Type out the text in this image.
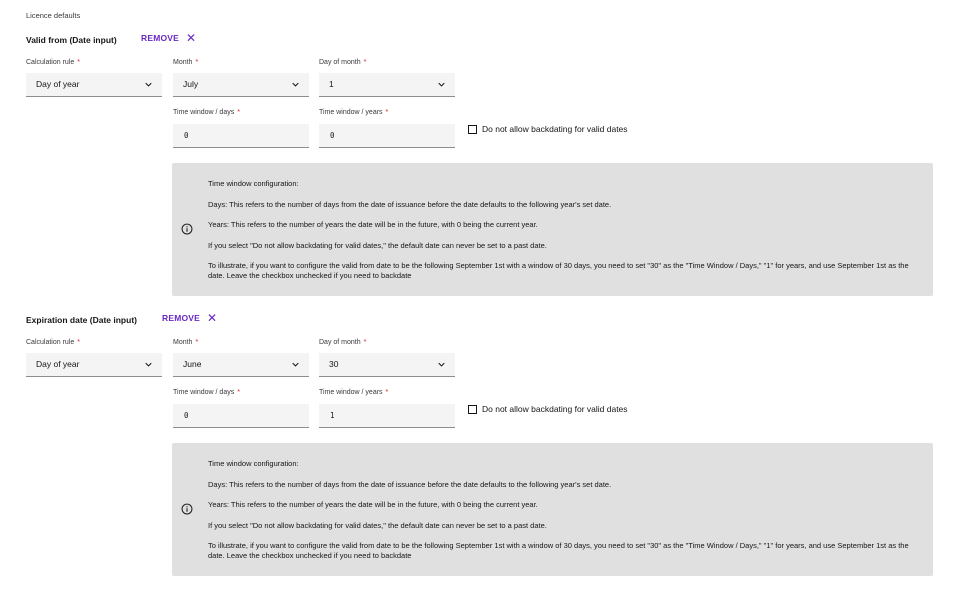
Licence defaults
Valid from (Date input)	REMOVE ✕
Calculation rule *
Day of year
Month *
July
Day of month *
1
Time window / days *
0	Time window / years *
0
Do not allow backdating for valid dates

Time window configuration:

Days: This refers to the number of days from the date of issuance before the date defaults to the following year's set date.

Years: This refers to the number of years the date will be in the future, with 0 being the current year.

If you select "Do not allow backdating for valid dates," the default date can never be set to a past date.

To illustrate, if you want to configure the valid from date to be the following September 1st with a window of 30 days, you need to set "30" as the "Time Window / Days," "1" for years, and use September 1st as the date. Leave the checkbox unchecked if you need to backdate

Expiration date (Date input)	REMOVE ✕
Calculation rule *
Day of year
Month *
June
Day of month *
30
Time window / days *
0	Time window / years *
1
Do not allow backdating for valid dates

Time window configuration:

Days: This refers to the number of days from the date of issuance before the date defaults to the following year's set date.

Years: This refers to the number of years the date will be in the future, with 0 being the current year.

If you select "Do not allow backdating for valid dates," the default date can never be set to a past date.

To illustrate, if you want to configure the valid from date to be the following September 1st with a window of 30 days, you need to set "30" as the "Time Window / Days," "1" for years, and use September 1st as the date. Leave the checkbox unchecked if you need to backdate
